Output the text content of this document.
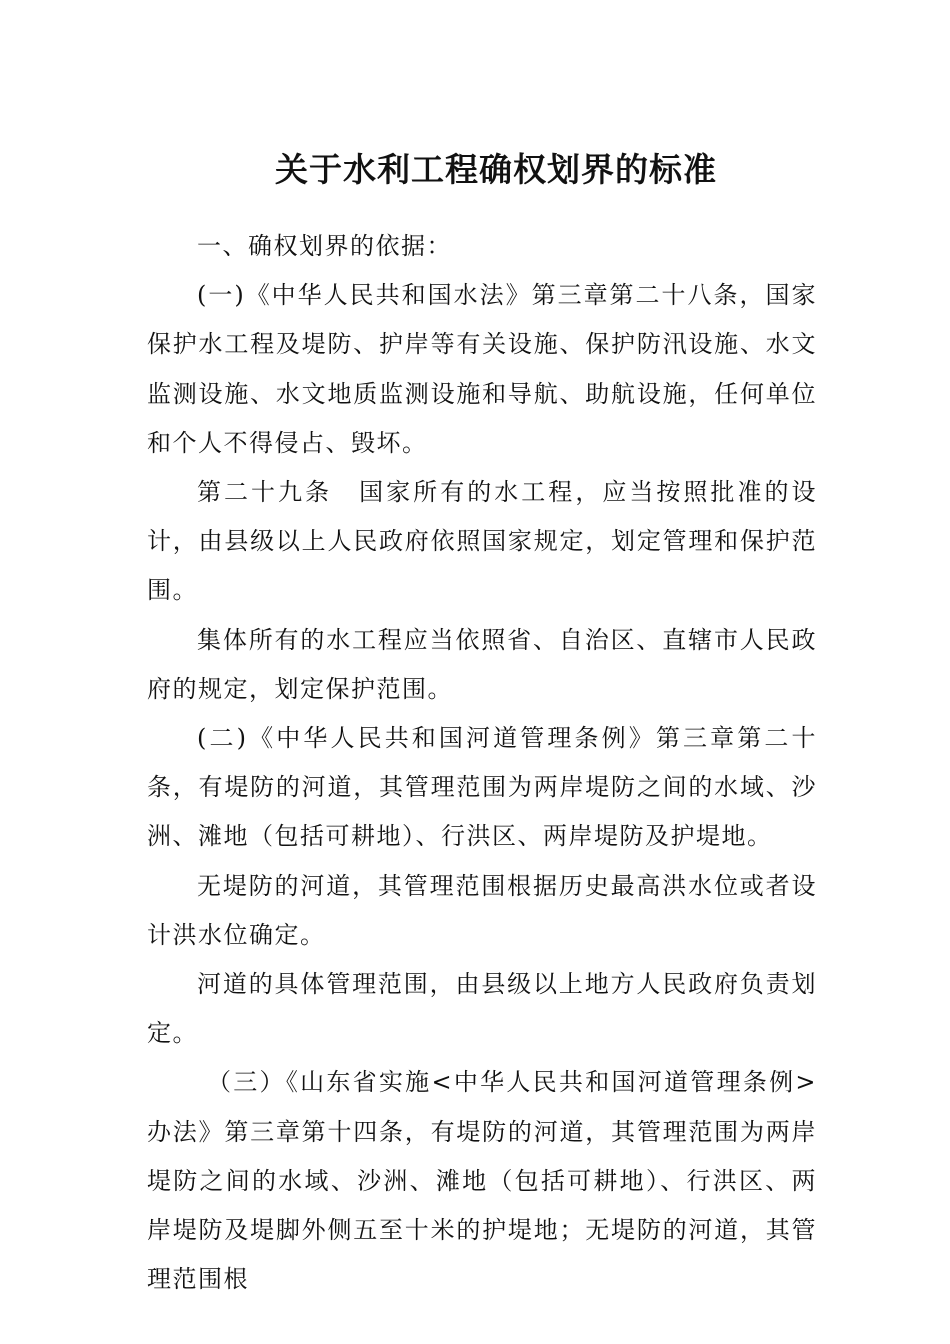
关于水利工程确权划界的标准

一、确权划界的依据：

(一)《中华人民共和国水法》第三章第二十八条，国家保护水工程及堤防、护岸等有关设施、保护防汛设施、水文监测设施、水文地质监测设施和导航、助航设施，任何单位和个人不得侵占、毁坏。

第二十九条　国家所有的水工程，应当按照批准的设计，由县级以上人民政府依照国家规定，划定管理和保护范围。

集体所有的水工程应当依照省、自治区、直辖市人民政府的规定，划定保护范围。

(二)《中华人民共和国河道管理条例》第三章第二十条，有堤防的河道，其管理范围为两岸堤防之间的水域、沙洲、滩地（包括可耕地）、行洪区、两岸堤防及护堤地。

无堤防的河道，其管理范围根据历史最高洪水位或者设计洪水位确定。

河道的具体管理范围，由县级以上地方人民政府负责划定。

（三）《山东省实施<中华人民共和国河道管理条例>办法》第三章第十四条，有堤防的河道，其管理范围为两岸堤防之间的水域、沙洲、滩地（包括可耕地）、行洪区、两岸堤防及堤脚外侧五至十米的护堤地；无堤防的河道，其管理范围根
